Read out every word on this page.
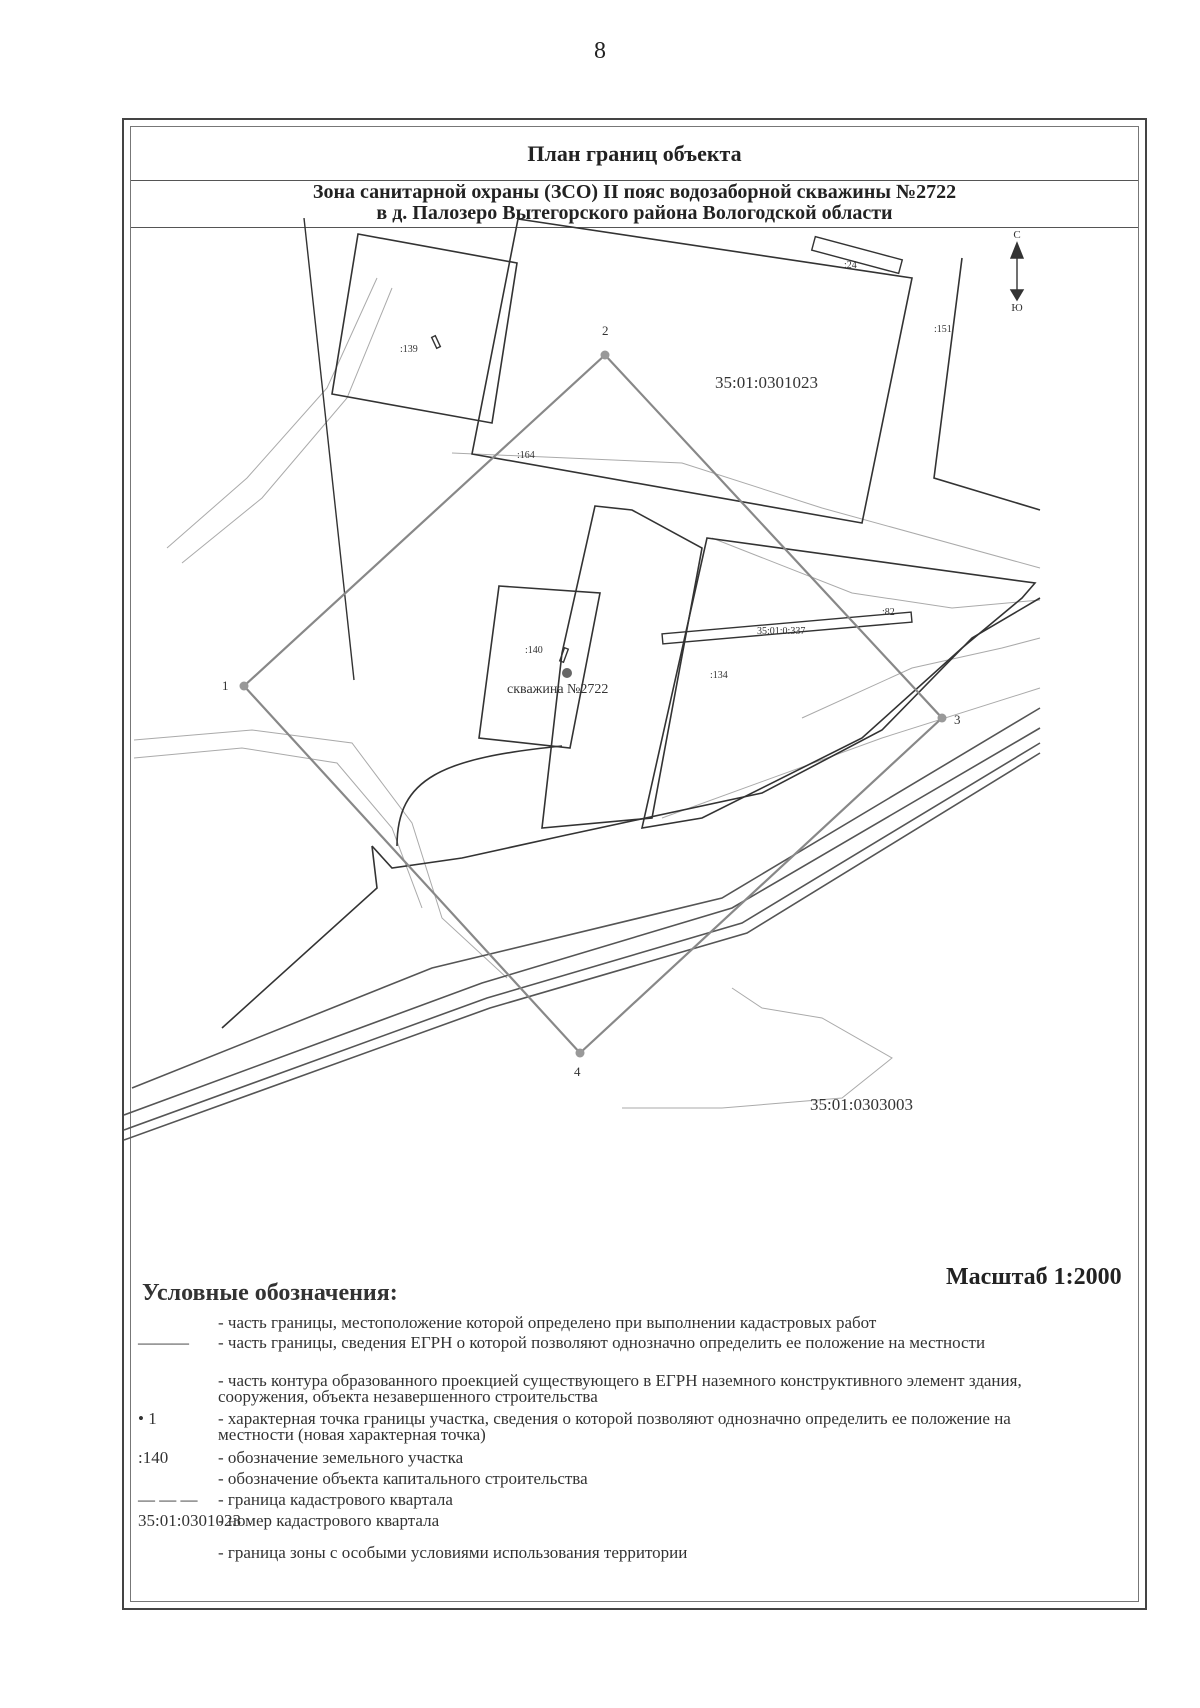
8
План границ объекта
Зона санитарной охраны (ЗСО) II пояс водозаборной скважины №2722
в д. Палозеро Вытегорского района Вологодской области
С
Ю
:139
:151
:164
:140
:134
:82
:24
35:01:0:337
35:01:0301023
35:01:0303003
скважина №2722
1
2
3
4
Масштаб 1:2000
Условные обозначения:
- часть границы, местоположение которой определено при выполнении кадастровых работ
——— - часть границы, сведения ЕГРН о которой позволяют однозначно определить ее положение на местности
- часть контура образованного проекцией существующего в ЕГРН наземного конструктивного элемент здания, сооружения, объекта незавершенного строительства
• 1	- характерная точка границы участка, сведения о которой позволяют однозначно определить ее положение на местности (новая характерная точка)
:140	- обозначение земельного участка
- обозначение объекта капитального строительства
— — — - граница кадастрового квартала
35:01:0301023- номер кадастрового квартала
- граница зоны с особыми условиями использования территории
